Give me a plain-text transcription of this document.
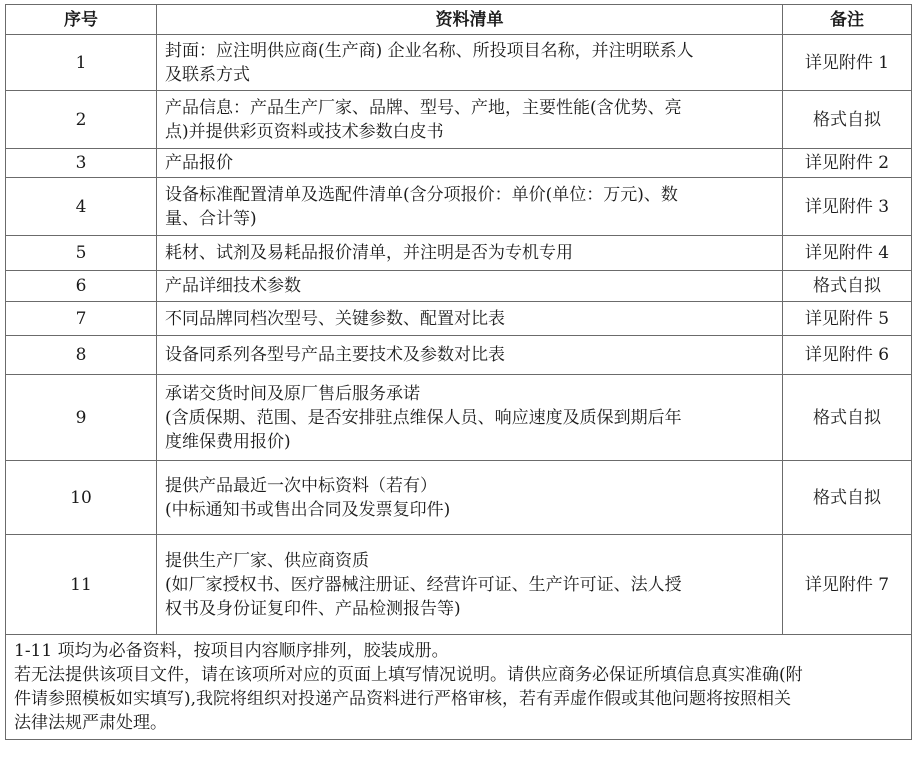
序号	资料清单	备注
1	封面：应注明供应商(生产商) 企业名称、所投项目名称，并注明联系人
及联系方式	详见附件 1
2	产品信息：产品生产厂家、品牌、型号、产地，主要性能(含优势、亮
点)并提供彩页资料或技术参数白皮书	格式自拟
3	产品报价	详见附件 2
4	设备标准配置清单及选配件清单(含分项报价：单价(单位：万元)、数
量、合计等)	详见附件 3
5	耗材、试剂及易耗品报价清单，并注明是否为专机专用	详见附件 4
6	产品详细技术参数	格式自拟
7	不同品牌同档次型号、关键参数、配置对比表	详见附件 5
8	设备同系列各型号产品主要技术及参数对比表	详见附件 6
9	承诺交货时间及原厂售后服务承诺
(含质保期、范围、是否安排驻点维保人员、响应速度及质保到期后年
度维保费用报价)	格式自拟
10	提供产品最近一次中标资料（若有）
(中标通知书或售出合同及发票复印件)	格式自拟
11	提供生产厂家、供应商资质
(如厂家授权书、医疗器械注册证、经营许可证、生产许可证、法人授
权书及身份证复印件、产品检测报告等)	详见附件 7

1-11 项均为必备资料，按项目内容顺序排列，胶装成册。
若无法提供该项目文件，请在该项所对应的页面上填写情况说明。请供应商务必保证所填信息真实准确(附
件请参照模板如实填写),我院将组织对投递产品资料进行严格审核，若有弄虚作假或其他问题将按照相关
法律法规严肃处理。		
